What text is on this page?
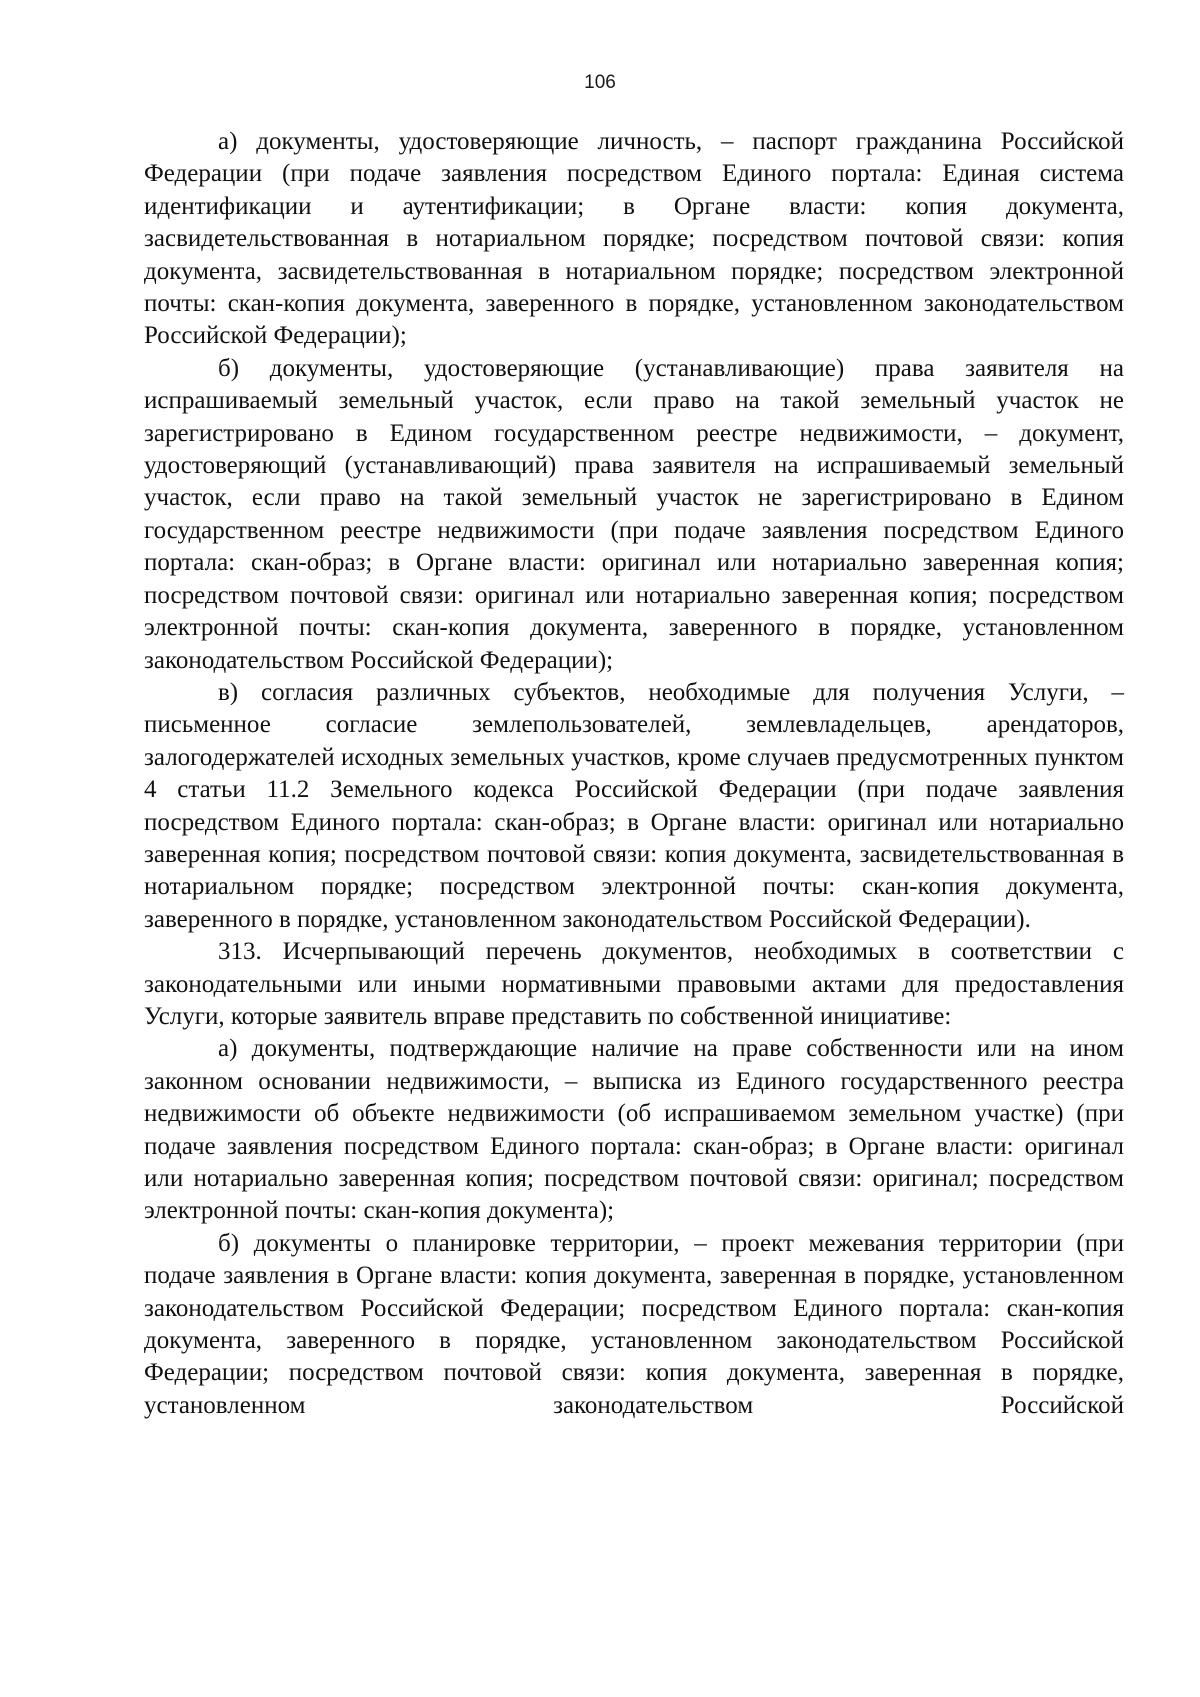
106

а) документы, удостоверяющие личность, – паспорт гражданина Российской Федерации (при подаче заявления посредством Единого портала: Единая система идентификации и аутентификации; в Органе власти: копия документа, засвидетельствованная в нотариальном порядке; посредством почтовой связи: копия документа, засвидетельствованная в нотариальном порядке; посредством электронной почты: скан-копия документа, заверенного в порядке, установленном законодательством Российской Федерации);

б) документы, удостоверяющие (устанавливающие) права заявителя на испрашиваемый земельный участок, если право на такой земельный участок не зарегистрировано в Едином государственном реестре недвижимости, – документ, удостоверяющий (устанавливающий) права заявителя на испрашиваемый земельный участок, если право на такой земельный участок не зарегистрировано в Едином государственном реестре недвижимости (при подаче заявления посредством Единого портала: скан-образ; в Органе власти: оригинал или нотариально заверенная копия; посредством почтовой связи: оригинал или нотариально заверенная копия; посредством электронной почты: скан-копия документа, заверенного в порядке, установленном законодательством Российской Федерации);

в) согласия различных субъектов, необходимые для получения Услуги, – письменное согласие землепользователей, землевладельцев, арендаторов, залогодержателей исходных земельных участков, кроме случаев предусмотренных пунктом 4 статьи 11.2 Земельного кодекса Российской Федерации (при подаче заявления посредством Единого портала: скан-образ; в Органе власти: оригинал или нотариально заверенная копия; посредством почтовой связи: копия документа, засвидетельствованная в нотариальном порядке; посредством электронной почты: скан-копия документа, заверенного в порядке, установленном законодательством Российской Федерации).

313. Исчерпывающий перечень документов, необходимых в соответствии с законодательными или иными нормативными правовыми актами для предоставления Услуги, которые заявитель вправе представить по собственной инициативе:

а) документы, подтверждающие наличие на праве собственности или на ином законном основании недвижимости, – выписка из Единого государственного реестра недвижимости об объекте недвижимости (об испрашиваемом земельном участке) (при подаче заявления посредством Единого портала: скан-образ; в Органе власти: оригинал или нотариально заверенная копия; посредством почтовой связи: оригинал; посредством электронной почты: скан-копия документа);

б) документы о планировке территории, – проект межевания территории (при подаче заявления в Органе власти: копия документа, заверенная в порядке, установленном законодательством Российской Федерации; посредством Единого портала: скан-копия документа, заверенного в порядке, установленном законодательством Российской Федерации; посредством почтовой связи: копия документа, заверенная в порядке, установленном законодательством Российской
